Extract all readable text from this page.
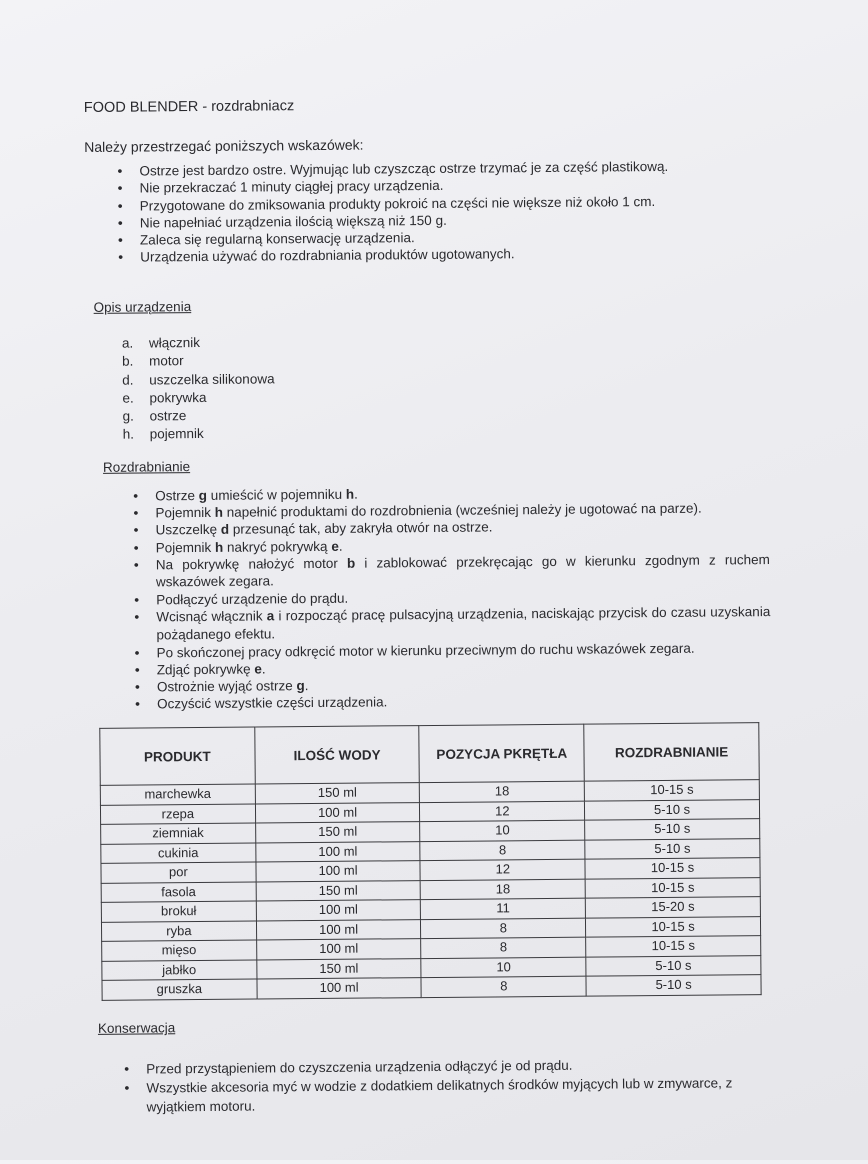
FOOD BLENDER - rozdrabniacz
Należy przestrzegać poniższych wskazówek:
• Ostrze jest bardzo ostre. Wyjmując lub czyszcząc ostrze trzymać je za część plastikową.
• Nie przekraczać 1 minuty ciągłej pracy urządzenia.
• Przygotowane do zmiksowania produkty pokroić na części nie większe niż około 1 cm.
• Nie napełniać urządzenia ilością większą niż 150 g.
• Zaleca się regularną konserwację urządzenia.
• Urządzenia używać do rozdrabniania produktów ugotowanych.
Opis urządzenia
a. włącznik
b. motor
d. uszczelka silikonowa
e. pokrywka
g. ostrze
h. pojemnik
Rozdrabnianie
• Ostrze g umieścić w pojemniku h.
• Pojemnik h napełnić produktami do rozdrobnienia (wcześniej należy je ugotować na parze).
• Uszczelkę d przesunąć tak, aby zakryła otwór na ostrze.
• Pojemnik h nakryć pokrywką e.
• Na pokrywkę nałożyć motor b i zablokować przekręcając go w kierunku zgodnym z ruchem wskazówek zegara.
• Podłączyć urządzenie do prądu.
• Wcisnąć włącznik a i rozpocząć pracę pulsacyjną urządzenia, naciskając przycisk do czasu uzyskania pożądanego efektu.
• Po skończonej pracy odkręcić motor w kierunku przeciwnym do ruchu wskazówek zegara.
• Zdjąć pokrywkę e.
• Ostrożnie wyjąć ostrze g.
• Oczyścić wszystkie części urządzenia.
PRODUKT	ILOŚĆ WODY	POZYCJA PKRĘTŁA	ROZDRABNIANIE
marchewka	150 ml	18	10-15 s
rzepa	100 ml	12	5-10 s
ziemniak	150 ml	10	5-10 s
cukinia	100 ml	8	5-10 s
por	100 ml	12	10-15 s
fasola	150 ml	18	10-15 s
brokuł	100 ml	11	15-20 s
ryba	100 ml	8	10-15 s
mięso	100 ml	8	10-15 s
jabłko	150 ml	10	5-10 s
gruszka	100 ml	8	5-10 s
Konserwacja
• Przed przystąpieniem do czyszczenia urządzenia odłączyć je od prądu.
• Wszystkie akcesoria myć w wodzie z dodatkiem delikatnych środków myjących lub w zmywarce, z wyjątkiem motoru.
